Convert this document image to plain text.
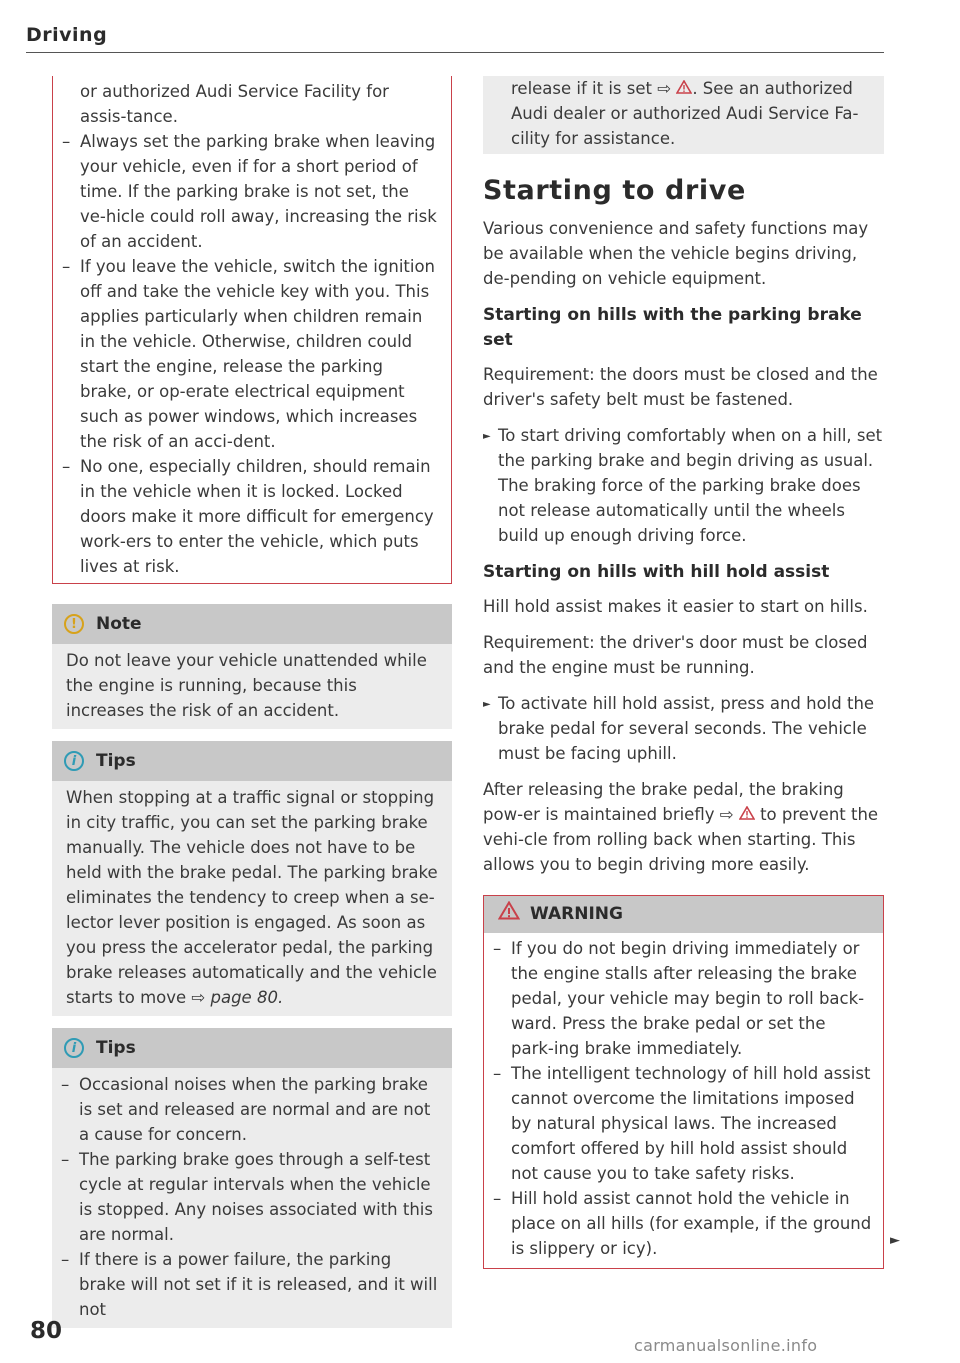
Driving

or authorized Audi Service Facility for assis-tance.

– Always set the parking brake when leaving your vehicle, even if for a short period of time. If the parking brake is not set, the ve-hicle could roll away, increasing the risk of an accident.
– If you leave the vehicle, switch the ignition off and take the vehicle key with you. This applies particularly when children remain in the vehicle. Otherwise, children could start the engine, release the parking brake, or op-erate electrical equipment such as power windows, which increases the risk of an acci-dent.
– No one, especially children, should remain in the vehicle when it is locked. Locked doors make it more difficult for emergency work-ers to enter the vehicle, which puts lives at risk.
!	Note

Do not leave your vehicle unattended while the engine is running, because this increases the risk of an accident.

i	Tips

When stopping at a traffic signal or stopping in city traffic, you can set the parking brake manually. The vehicle does not have to be held with the brake pedal. The parking brake eliminates the tendency to creep when a se-lector lever position is engaged. As soon as you press the accelerator pedal, the parking brake releases automatically and the vehicle starts to move ⇨ page 80.

i	Tips
– Occasional noises when the parking brake is set and released are normal and are not a cause for concern.
– The parking brake goes through a self-test cycle at regular intervals when the vehicle is stopped. Any noises associated with this are normal.
– If there is a power failure, the parking brake will not set if it is released, and it will not

release if it is set ⇨ . See an authorized Audi dealer or authorized Audi Service Fa-cility for assistance.

Starting to drive

Various convenience and safety functions may be available when the vehicle begins driving, de-pending on vehicle equipment.

Starting on hills with the parking brake set

Requirement: the doors must be closed and the driver's safety belt must be fastened.

► To start driving comfortably when on a hill, set the parking brake and begin driving as usual. The braking force of the parking brake does not release automatically until the wheels build up enough driving force.
Starting on hills with hill hold assist

Hill hold assist makes it easier to start on hills.

Requirement: the driver's door must be closed and the engine must be running.

► To activate hill hold assist, press and hold the brake pedal for several seconds. The vehicle must be facing uphill.

After releasing the brake pedal, the braking pow-er is maintained briefly ⇨ to prevent the vehi-cle from rolling back when starting. This allows you to begin driving more easily.

WARNING
– If you do not begin driving immediately or the engine stalls after releasing the brake pedal, your vehicle may begin to roll back-ward. Press the brake pedal or set the park-ing brake immediately.
– The intelligent technology of hill hold assist cannot overcome the limitations imposed by natural physical laws. The increased comfort offered by hill hold assist should not cause you to take safety risks.
– Hill hold assist cannot hold the vehicle in place on all hills (for example, if the ground is slippery or icy).	►
80
carmanualsonline.info
